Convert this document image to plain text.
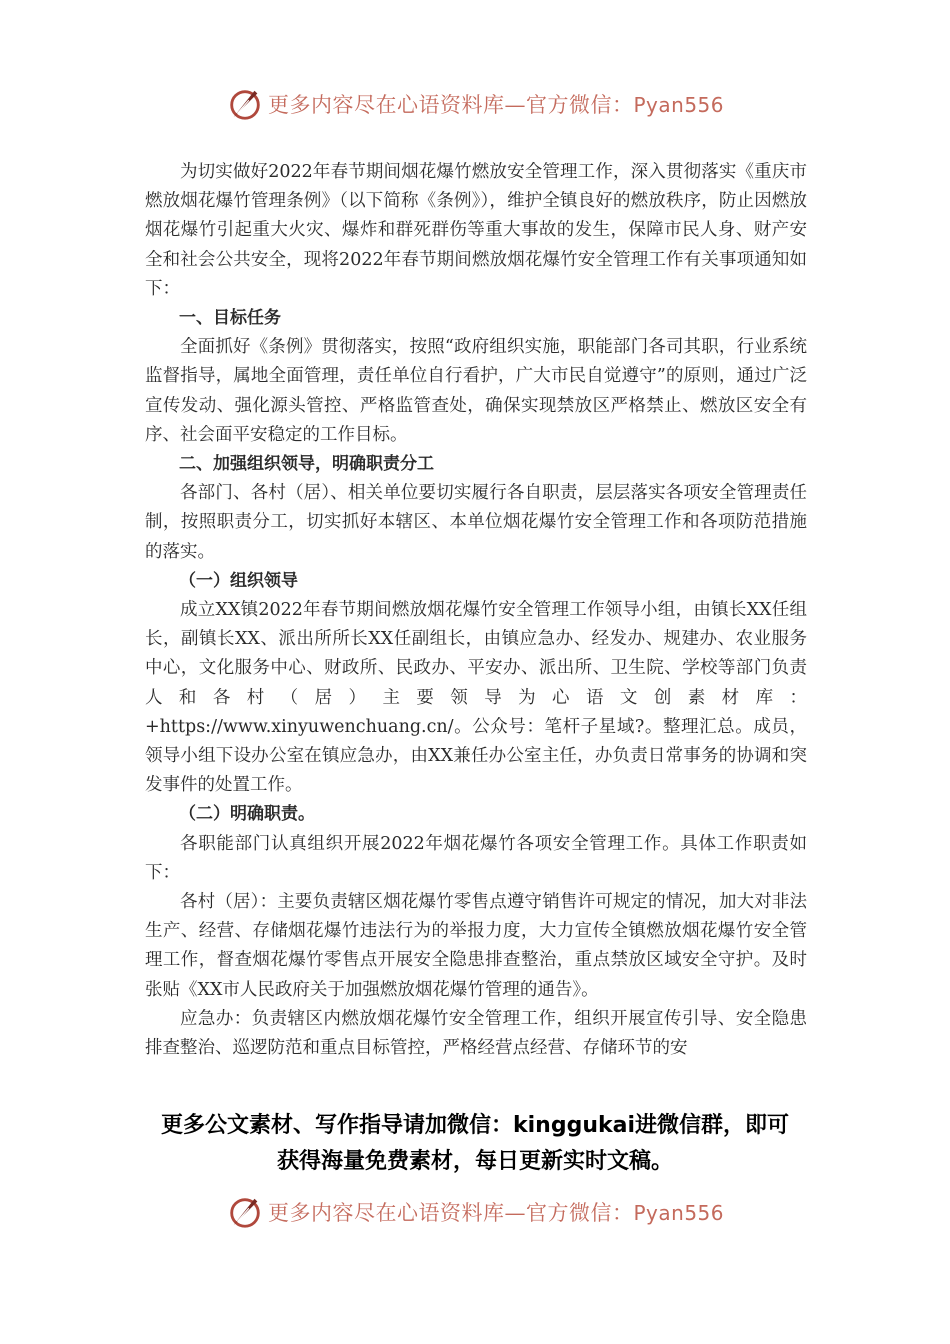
更多内容尽在心语资料库—官方微信：Pyan556

为切实做好2022年春节期间烟花爆竹燃放安全管理工作，深入贯彻落实《重庆市燃放烟花爆竹管理条例》（以下简称《条例》），维护全镇良好的燃放秩序，防止因燃放烟花爆竹引起重大火灾、爆炸和群死群伤等重大事故的发生，保障市民人身、财产安全和社会公共安全，现将2022年春节期间燃放烟花爆竹安全管理工作有关事项通知如下：

一、目标任务

全面抓好《条例》贯彻落实，按照“政府组织实施，职能部门各司其职，行业系统监督指导，属地全面管理，责任单位自行看护，广大市民自觉遵守”的原则，通过广泛宣传发动、强化源头管控、严格监管查处，确保实现禁放区严格禁止、燃放区安全有序、社会面平安稳定的工作目标。

二、加强组织领导，明确职责分工

各部门、各村（居）、相关单位要切实履行各自职责，层层落实各项安全管理责任制，按照职责分工，切实抓好本辖区、本单位烟花爆竹安全管理工作和各项防范措施的落实。

（一）组织领导

成立XX镇2022年春节期间燃放烟花爆竹安全管理工作领导小组，由镇长XX任组长，副镇长XX、派出所所长XX任副组长，由镇应急办、经发办、规建办、农业服务中心，文化服务中心、财政所、民政办、平安办、派出所、卫生院、学校等部门负责人和各村（居）主要领导为心语文创素材库：+https://www.xinyuwenchuang.cn/。公众号：笔杆子星域?。整理汇总。成员，领导小组下设办公室在镇应急办，由XX兼任办公室主任，办负责日常事务的协调和突发事件的处置工作。

（二）明确职责。

各职能部门认真组织开展2022年烟花爆竹各项安全管理工作。具体工作职责如下：

各村（居）：主要负责辖区烟花爆竹零售点遵守销售许可规定的情况，加大对非法生产、经营、存储烟花爆竹违法行为的举报力度，大力宣传全镇燃放烟花爆竹安全管理工作，督查烟花爆竹零售点开展安全隐患排查整治，重点禁放区域安全守护。及时张贴《XX市人民政府关于加强燃放烟花爆竹管理的通告》。

应急办：负责辖区内燃放烟花爆竹安全管理工作，组织开展宣传引导、安全隐患排查整治、巡逻防范和重点目标管控，严格经营点经营、存储环节的安

更多公文素材、写作指导请加微信：kinggukai进微信群，即可
获得海量免费素材，每日更新实时文稿。
更多内容尽在心语资料库—官方微信：Pyan556
